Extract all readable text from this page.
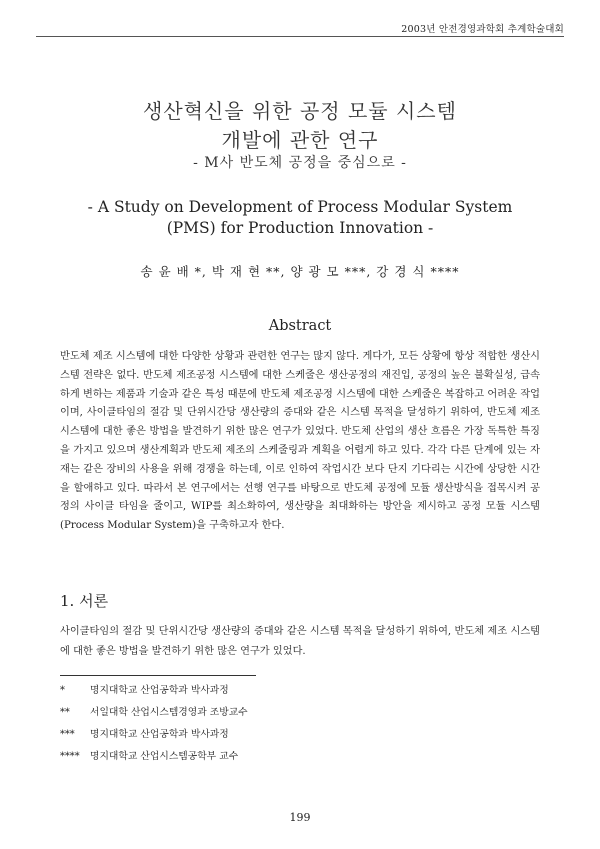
2003년 안전경영과학회 추계학술대회
생산혁신을 위한 공정 모듈 시스템
개발에 관한 연구
- M사 반도체 공정을 중심으로 -
- A Study on Development of Process Modular System
(PMS) for Production Innovation -
송 윤 배 *, 박 재 현 **, 양 광 모 ***, 강 경 식 ****
Abstract
반도체 제조 시스템에 대한 다양한 상황과 관련한 연구는 많지 않다. 게다가, 모든 상황에 항상 적합한 생산시스템 전략은 없다. 반도체 제조공정 시스템에 대한 스케줄은 생산공정의 재진입, 공정의 높은 불확실성, 급속하게 변하는 제품과 기술과 같은 특성 때문에 반도체 제조공정 시스템에 대한 스케줄은 복잡하고 어려운 작업이며, 사이클타임의 절감 및 단위시간당 생산량의 증대와 같은 시스템 목적을 달성하기 위하여, 반도체 제조 시스템에 대한 좋은 방법을 발견하기 위한 많은 연구가 있었다. 반도체 산업의 생산 흐름은 가장 독특한 특징을 가지고 있으며 생산계획과 반도체 제조의 스케줄링과 계획을 어렵게 하고 있다. 각각 다른 단계에 있는 자재는 같은 장비의 사용을 위해 경쟁을 하는데, 이로 인하여 작업시간 보다 단지 기다리는 시간에 상당한 시간을 할애하고 있다. 따라서 본 연구에서는 선행 연구를 바탕으로 반도체 공정에 모듈 생산방식을 접목시켜 공정의 사이클 타임을 줄이고, WIP를 최소화하여, 생산량을 최대화하는 방안을 제시하고 공정 모듈 시스템 (Process Modular System)을 구축하고자 한다.
1. 서론
사이클타임의 절감 및 단위시간당 생산량의 증대와 같은 시스템 목적을 달성하기 위하여, 반도체 제조 시스템에 대한 좋은 방법을 발견하기 위한 많은 연구가 있었다.
*	명지대학교 산업공학과 박사과정
** 서일대학 산업시스템경영과 조방교수
*** 명지대학교 산업공학과 박사과정
**** 명지대학교 산업시스템공학부 교수
199
